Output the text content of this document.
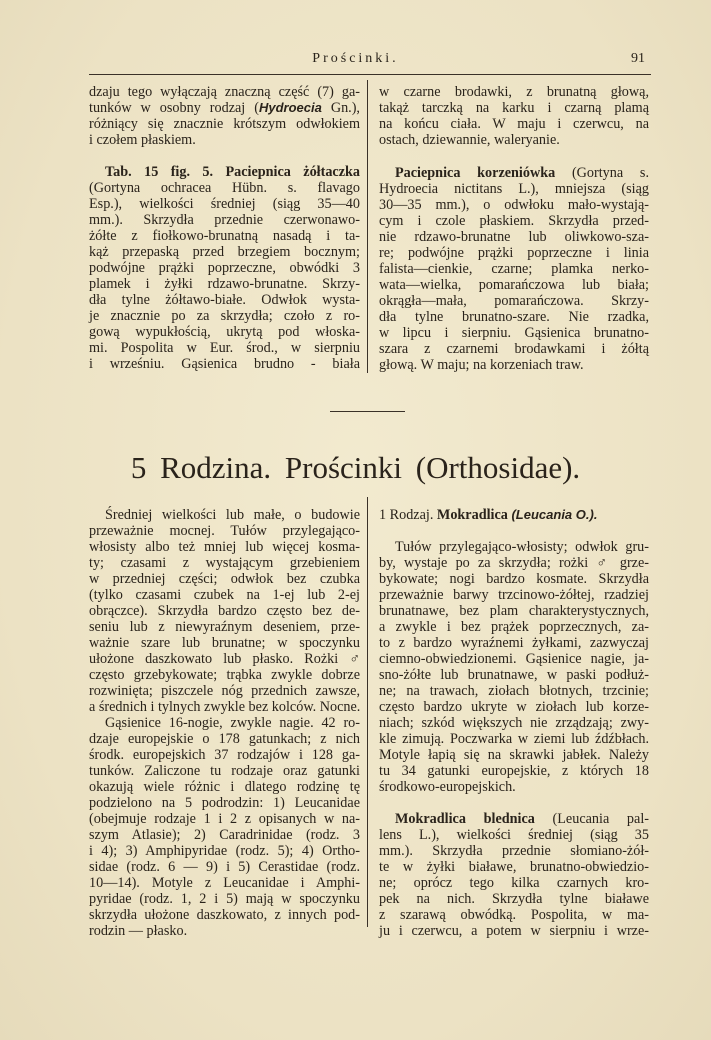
Prościnki.	91
dzaju tego wyłączają znaczną część (7) ga-
tunków w osobny rodzaj (Hydroecia Gn.),
różniący się znacznie krótszym odwłokiem
i czołem płaskiem.
Tab. 15 fig. 5. Paciepnica żółtaczka
(Gortyna ochracea Hübn. s. flavago
Esp.), wielkości średniej (siąg 35—40
mm.). Skrzydła przednie czerwonawo-
żółte z fiołkowo-brunatną nasadą i ta-
kąż przepaską przed brzegiem bocznym;
podwójne prążki poprzeczne, obwódki 3
plamek i żyłki rdzawo-brunatne. Skrzy-
dła tylne żółtawo-białe. Odwłok wysta-
je znacznie po za skrzydła; czoło z ro-
gową wypukłością, ukrytą pod włoska-
mi. Pospolita w Eur. środ., w sierpniu
i wrześniu. Gąsienica brudno - biała
w czarne brodawki, z brunatną głową,
takąż tarczką na karku i czarną plamą
na końcu ciała. W maju i czerwcu, na
ostach, dziewannie, waleryanie.
Paciepnica korzeniówka (Gortyna s.
Hydroecia nictitans L.), mniejsza (siąg
30—35 mm.), o odwłoku mało-wystają-
cym i czole płaskiem. Skrzydła przed-
nie rdzawo-brunatne lub oliwkowo-sza-
re; podwójne prążki poprzeczne i linia
falista—cienkie, czarne; plamka nerko-
wata—wielka, pomarańczowa lub biała;
okrągła—mała, pomarańczowa. Skrzy-
dła tylne brunatno-szare. Nie rzadka,
w lipcu i sierpniu. Gąsienica brunatno-
szara z czarnemi brodawkami i żółtą
głową. W maju; na korzeniach traw.
5 Rodzina. Prościnki (Orthosidae).
Średniej wielkości lub małe, o budowie
przeważnie mocnej. Tułów przylegająco-
włosisty albo też mniej lub więcej kosma-
ty; czasami z wystającym grzebieniem
w przedniej części; odwłok bez czubka
(tylko czasami czubek na 1-ej lub 2-ej
obrączce). Skrzydła bardzo często bez de-
seniu lub z niewyraźnym deseniem, prze-
ważnie szare lub brunatne; w spoczynku
ułożone daszkowato lub płasko. Rożki ♂
często grzebykowate; trąbka zwykle dobrze
rozwinięta; piszczele nóg przednich zawsze,
a średnich i tylnych zwykle bez kolców. Nocne.
Gąsienice 16-nogie, zwykle nagie. 42 ro-
dzaje europejskie o 178 gatunkach; z nich
środk. europejskich 37 rodzajów i 128 ga-
tunków. Zaliczone tu rodzaje oraz gatunki
okazują wiele różnic i dlatego rodzinę tę
podzielono na 5 podrodzin: 1) Leucanidae
(obejmuje rodzaje 1 i 2 z opisanych w na-
szym Atlasie); 2) Caradrinidae (rodz. 3
i 4); 3) Amphipyridae (rodz. 5); 4) Ortho-
sidae (rodz. 6 — 9) i 5) Cerastidae (rodz.
10—14). Motyle z Leucanidae i Amphi-
pyridae (rodz. 1, 2 i 5) mają w spoczynku
skrzydła ułożone daszkowato, z innych pod-
rodzin — płasko.
1 Rodzaj. Mokradlica (Leucania O.).
Tułów przylegająco-włosisty; odwłok gru-
by, wystaje po za skrzydła; rożki ♂ grze-
bykowate; nogi bardzo kosmate. Skrzydła
przeważnie barwy trzcinowo-żółtej, rzadziej
brunatnawe, bez plam charakterystycznych,
a zwykle i bez prążek poprzecznych, za-
to z bardzo wyraźnemi żyłkami, zazwyczaj
ciemno-obwiedzionemi. Gąsienice nagie, ja-
sno-żółte lub brunatnawe, w paski podłuż-
ne; na trawach, ziołach błotnych, trzcinie;
często bardzo ukryte w ziołach lub korze-
niach; szkód większych nie zrządzają; zwy-
kle zimują. Poczwarka w ziemi lub źdźbłach.
Motyle łapią się na skrawki jabłek. Należy
tu 34 gatunki europejskie, z których 18
środkowo-europejskich.
Mokradlica blednica (Leucania pal-
lens L.), wielkości średniej (siąg 35
mm.). Skrzydła przednie słomiano-żół-
te w żyłki białawe, brunatno-obwiedzio-
ne; oprócz tego kilka czarnych kro-
pek na nich. Skrzydła tylne białawe
z szarawą obwódką. Pospolita, w ma-
ju i czerwcu, a potem w sierpniu i wrze-
